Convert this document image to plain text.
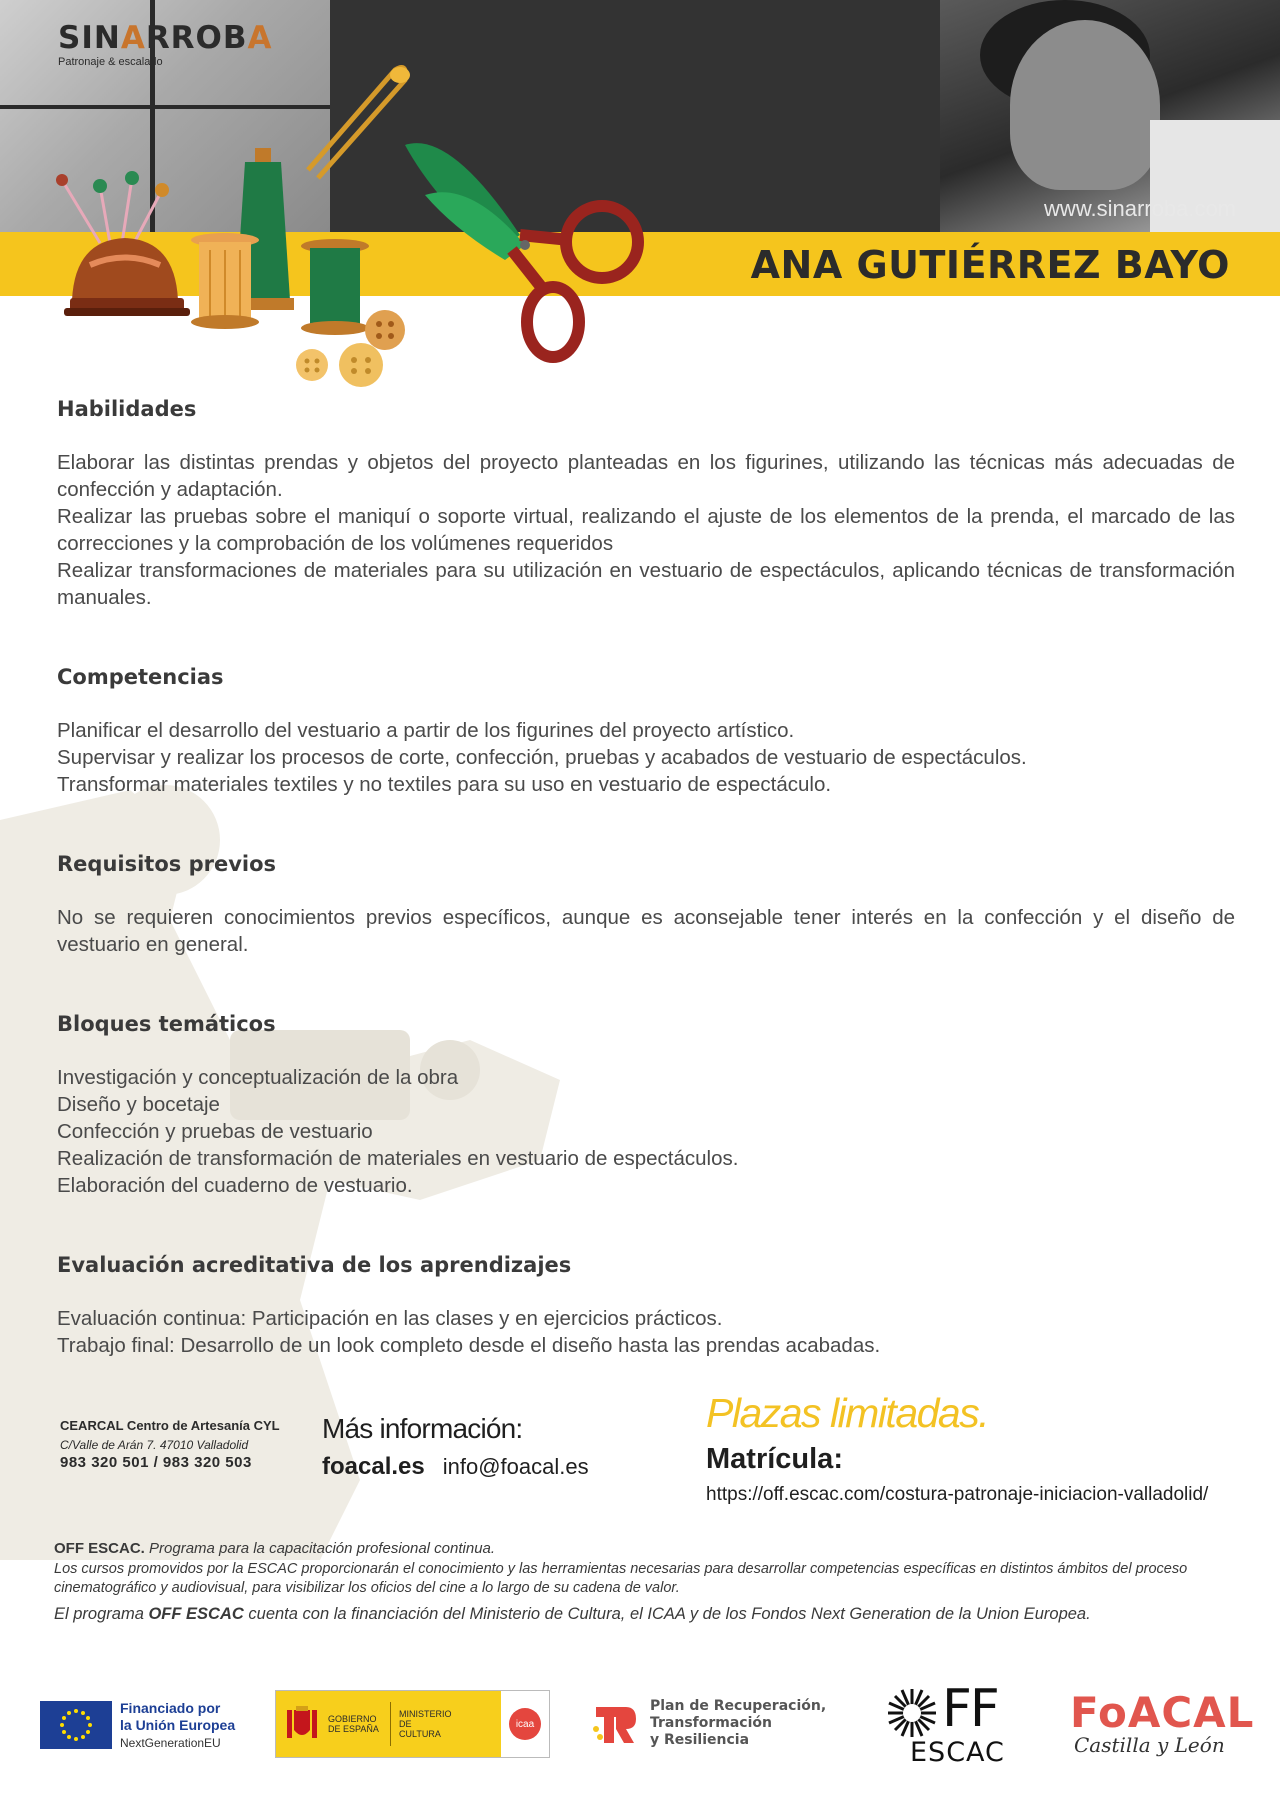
SINARROBA
Patronaje & escalado
www.sinarroba.com
ANA GUTIÉRREZ BAYO
Habilidades

Elaborar las distintas prendas y objetos del proyecto planteadas en los figurines, utilizando las técnicas más adecuadas de confección y adaptación.

Realizar las pruebas sobre el maniquí o soporte virtual, realizando el ajuste de los elementos de la prenda, el marcado de las correcciones y la comprobación de los volúmenes requeridos

Realizar transformaciones de materiales para su utilización en vestuario de espectáculos, aplicando técnicas de transformación manuales.

Competencias

Planificar el desarrollo del vestuario a partir de los figurines del proyecto artístico.

Supervisar y realizar los procesos de corte, confección, pruebas y acabados de vestuario de espectáculos.

Transformar materiales textiles y no textiles para su uso en vestuario de espectáculo.

Requisitos previos

No se requieren conocimientos previos específicos, aunque es aconsejable tener interés en la confección y el diseño de vestuario en general.

Bloques temáticos

Investigación y conceptualización de la obra

Diseño y bocetaje

Confección y pruebas de vestuario

Realización de transformación de materiales en vestuario de espectáculos.

Elaboración del cuaderno de vestuario.

Evaluación acreditativa de los aprendizajes

Evaluación continua: Participación en las clases y en ejercicios prácticos.

Trabajo final: Desarrollo de un look completo desde el diseño hasta las prendas acabadas.

CEARCAL Centro de Artesanía CYL
C/Valle de Arán 7. 47010 Valladolid
983 320 501 / 983 320 503
Más información:
foacal.es info@foacal.es
Plazas limitadas.
Matrícula:
https://off.escac.com/costura-patronaje-iniciacion-valladolid/
OFF ESCAC. Programa para la capacitación profesional continua.
Los cursos promovidos por la ESCAC proporcionarán el conocimiento y las herramientas necesarias para desarrollar competencias específicas en distintos ámbitos del proceso cinematográfico y audiovisual, para visibilizar los oficios del cine a lo largo de su cadena de valor.
El programa OFF ESCAC cuenta con la financiación del Ministerio de Cultura, el ICAA y de los Fondos Next Generation de la Union Europea.
Financiado por
la Unión Europea
NextGenerationEU
GOBIERNO DE ESPAÑA
MINISTERIO DE CULTURA
icaa
Plan de Recuperación,
Transformación
y Resiliencia
FF
ESCAC
FoACAL
Castilla y León
